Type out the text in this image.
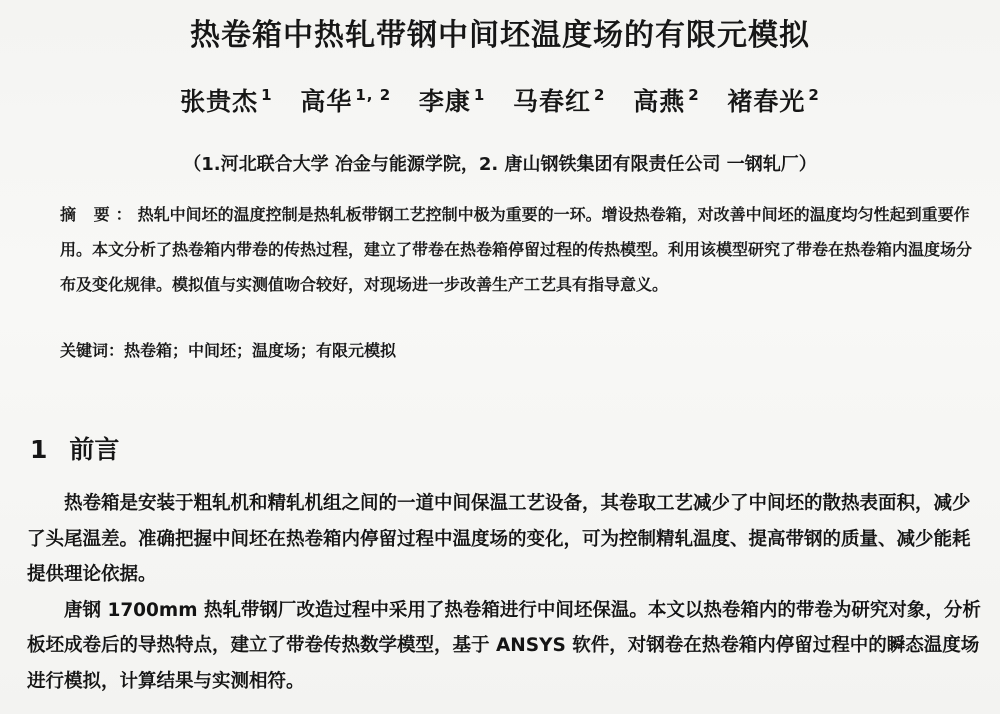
热卷箱中热轧带钢中间坯温度场的有限元模拟
张贵杰 $^1$ 高华 $^{1, 2}$ 李康 $^1$ 马春红 $^2$ 高燕 $^2$ 褚春光 $^2$
（1.河北联合大学 冶金与能源学院，2. 唐山钢铁集团有限责任公司 一钢轧厂）
摘 要：热轧中间坯的温度控制是热轧板带钢工艺控制中极为重要的一环。增设热卷箱，对改善中间坯的温度均匀性起到重要作用。本文分析了热卷箱内带卷的传热过程，建立了带卷在热卷箱停留过程的传热模型。利用该模型研究了带卷在热卷箱内温度场分布及变化规律。模拟值与实测值吻合较好，对现场进一步改善生产工艺具有指导意义。
关键词：热卷箱；中间坯；温度场；有限元模拟
1 前言

热卷箱是安装于粗轧机和精轧机组之间的一道中间保温工艺设备，其卷取工艺减少了中间坯的散热表面积，减少了头尾温差。准确把握中间坯在热卷箱内停留过程中温度场的变化，可为控制精轧温度、提高带钢的质量、减少能耗提供理论依据。

唐钢 1700mm 热轧带钢厂改造过程中采用了热卷箱进行中间坯保温。本文以热卷箱内的带卷为研究对象，分析板坯成卷后的导热特点，建立了带卷传热数学模型，基于 ANSYS 软件，对钢卷在热卷箱内停留过程中的瞬态温度场进行模拟，计算结果与实测相符。
